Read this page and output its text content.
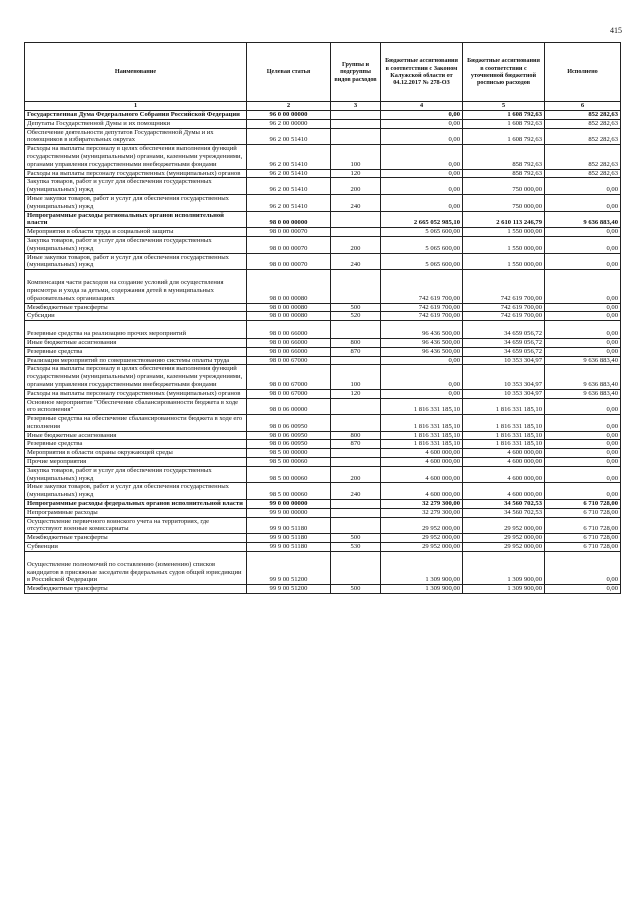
415
Наименование	Целевая статья	Группы и подгруппы видов расходов	Бюджетные ассигнования в соответствии с Законом Калужской области от 04.12.2017 № 278-ОЗ	Бюджетные ассигнования в соответствии с уточненной бюджетной росписью расходов	Исполнено
1	2	3	4	5	6
Государственная Дума Федерального Собрания Российской Федерации	96 0 00 00000		0,00	1 608 792,63	852 282,63
Депутаты Государственной Думы и их помощники	96 2 00 00000		0,00	1 608 792,63	852 282,63
Обеспечение деятельности депутатов Государственной Думы и их помощников в избирательных округах	96 2 00 51410		0,00	1 608 792,63	852 282,63
Расходы на выплаты персоналу в целях обеспечения выполнения функций государственными (муниципальными) органами, казенными учреждениями, органами управления государственными внебюджетными фондами	96 2 00 51410	100	0,00	858 792,63	852 282,63
Расходы на выплаты персоналу государственных (муниципальных) органов	96 2 00 51410	120	0,00	858 792,63	852 282,63
Закупка товаров, работ и услуг для обеспечения государственных (муниципальных) нужд	96 2 00 51410	200	0,00	750 000,00	0,00
Иные закупки товаров, работ и услуг для обеспечения государственных (муниципальных) нужд	96 2 00 51410	240	0,00	750 000,00	0,00
Непрограммные расходы региональных органов исполнительной власти	98 0 00 00000		2 665 052 985,10	2 610 113 246,79	9 636 883,40
Мероприятия в области труда и социальной защиты	98 0 00 00070		5 065 600,00	1 550 000,00	0,00
Закупка товаров, работ и услуг для обеспечения государственных (муниципальных) нужд	98 0 00 00070	200	5 065 600,00	1 550 000,00	0,00
Иные закупки товаров, работ и услуг для обеспечения государственных (муниципальных) нужд	98 0 00 00070	240	5 065 600,00	1 550 000,00	0,00
Компенсация части расходов на создание условий для осуществления присмотра и ухода за детьми, содержания детей в муниципальных образовательных организациях	98 0 00 00080		742 619 700,00	742 619 700,00	0,00
Межбюджетные трансферты	98 0 00 00080	500	742 619 700,00	742 619 700,00	0,00
Субсидии	98 0 00 00080	520	742 619 700,00	742 619 700,00	0,00
Резервные средства на реализацию прочих мероприятий	98 0 00 66000		96 436 500,00	34 659 056,72	0,00
Иные бюджетные ассигнования	98 0 00 66000	800	96 436 500,00	34 659 056,72	0,00
Резервные средства	98 0 00 66000	870	96 436 500,00	34 659 056,72	0,00
Реализация мероприятий по совершенствованию системы оплаты труда	98 0 00 67000		0,00	10 353 304,97	9 636 883,40
Расходы на выплаты персоналу в целях обеспечения выполнения функций государственными (муниципальными) органами, казенными учреждениями, органами управления государственными внебюджетными фондами	98 0 00 67000	100	0,00	10 353 304,97	9 636 883,40
Расходы на выплаты персоналу государственных (муниципальных) органов	98 0 00 67000	120	0,00	10 353 304,97	9 636 883,40
Основное мероприятие "Обеспечение сбалансированности бюджета в ходе его исполнения"	98 0 06 00000		1 816 331 185,10	1 816 331 185,10	0,00
Резервные средства на обеспечение сбалансированности бюджета в ходе его исполнения	98 0 06 00950		1 816 331 185,10	1 816 331 185,10	0,00
Иные бюджетные ассигнования	98 0 06 00950	800	1 816 331 185,10	1 816 331 185,10	0,00
Резервные средства	98 0 06 00950	870	1 816 331 185,10	1 816 331 185,10	0,00
Мероприятия в области охраны окружающей среды	98 5 00 00000		4 600 000,00	4 600 000,00	0,00
Прочие мероприятия	98 5 00 00060		4 600 000,00	4 600 000,00	0,00
Закупка товаров, работ и услуг для обеспечения государственных (муниципальных) нужд	98 5 00 00060	200	4 600 000,00	4 600 000,00	0,00
Иные закупки товаров, работ и услуг для обеспечения государственных (муниципальных) нужд	98 5 00 00060	240	4 600 000,00	4 600 000,00	0,00
Непрограммные расходы федеральных органов исполнительной власти	99 0 00 00000		32 279 300,00	34 560 702,53	6 710 728,00
Непрограммные расходы	99 9 00 00000		32 279 300,00	34 560 702,53	6 710 728,00
Осуществление первичного воинского учета на территориях, где отсутствуют военные комиссариаты	99 9 00 51180		29 952 000,00	29 952 000,00	6 710 728,00
Межбюджетные трансферты	99 9 00 51180	500	29 952 000,00	29 952 000,00	6 710 728,00
Субвенции	99 9 00 51180	530	29 952 000,00	29 952 000,00	6 710 728,00
Осуществление полномочий по составлению (изменению) списков кандидатов в присяжные заседатели федеральных судов общей юрисдикции в Российской Федерации	99 9 00 51200		1 309 900,00	1 309 900,00	0,00
Межбюджетные трансферты	99 9 00 51200	500	1 309 900,00	1 309 900,00	0,00
